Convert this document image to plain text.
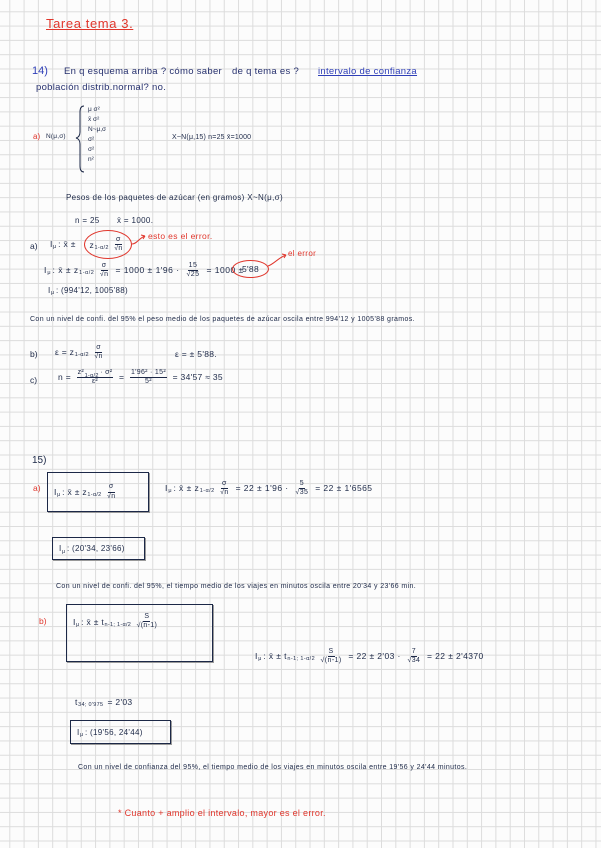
Tarea tema 3.
14) En q esquema arriba ? cómo saber de q tema es ? intervalo de confianza
población distrib.normal? no.
a) N(μ,σ)
μ σ²
x̄ σ²
N~μ,σ
σ²
σ²
n²
X~N(μ,15) n=25 x̄=1000
Pesos de los paquetes de azúcar (en gramos) X~N(μ,σ)
n = 25 x̄ = 1000.
a) $I_\mu$ : x̄ ± $z_{1-\alpha/2} \frac{\sigma}{√n}$	esto es el error.
$I_\mu$ : x̄ ± $z_{1-\alpha/2} \frac{\sigma}{√n} = 1000 \pm 1'96 \cdot \frac{15}{√25} = 1000$ ±
5'88
el error
$I_\mu$ : (994'12, 1005'88)
Con un nivel de confi. del 95% el peso medio de los paquetes de azúcar oscila entre 994'12 y 1005'88 gramos.
b) $\varepsilon = z_{1-\alpha/2} \frac{\sigma}{√n}$	ε = ± 5'88.
c) $n = \frac{z^2_{1-\alpha/2} \cdot \sigma^2}{\text{ε²}} = \frac{\text{1'96² · 15²}}{\text{5²}} = 34'57 \approx 35$
15)
a) $I_\mu$ : x̄ ± $z_{1-\alpha/2} \frac{\sigma}{√n}$	$I_\mu$ : x̄ ± $z_{1-\alpha/2} \frac{\sigma}{√n} = 22 \pm 1'96 \cdot \frac{5}{√35} = 22 \pm 1'6565$
$I_\mu$ : (20'34, 23'66)
Con un nivel de confi. del 95%, el tiempo medio de los viajes en minutos oscila entre 20'34 y 23'66 min.
b)	$I_\mu$ : x̄ ± $t_{n-1; 1-\alpha/2} \frac{S}{√(n-1)}$
$I_\mu$ : x̄ ± $t_{n-1; 1-\alpha/2} \frac{S}{√(n-1)} = 22 \pm 2'03 \cdot \frac{7}{√34} = 22 \pm 2'4370$
$t_{34; 0'975} = 2'03$
$I_\mu$ : (19'56, 24'44)
Con un nivel de confianza del 95%, el tiempo medio de los viajes en minutos oscila entre 19'56 y 24'44 minutos.
* Cuanto + amplio el intervalo, mayor es el error.
